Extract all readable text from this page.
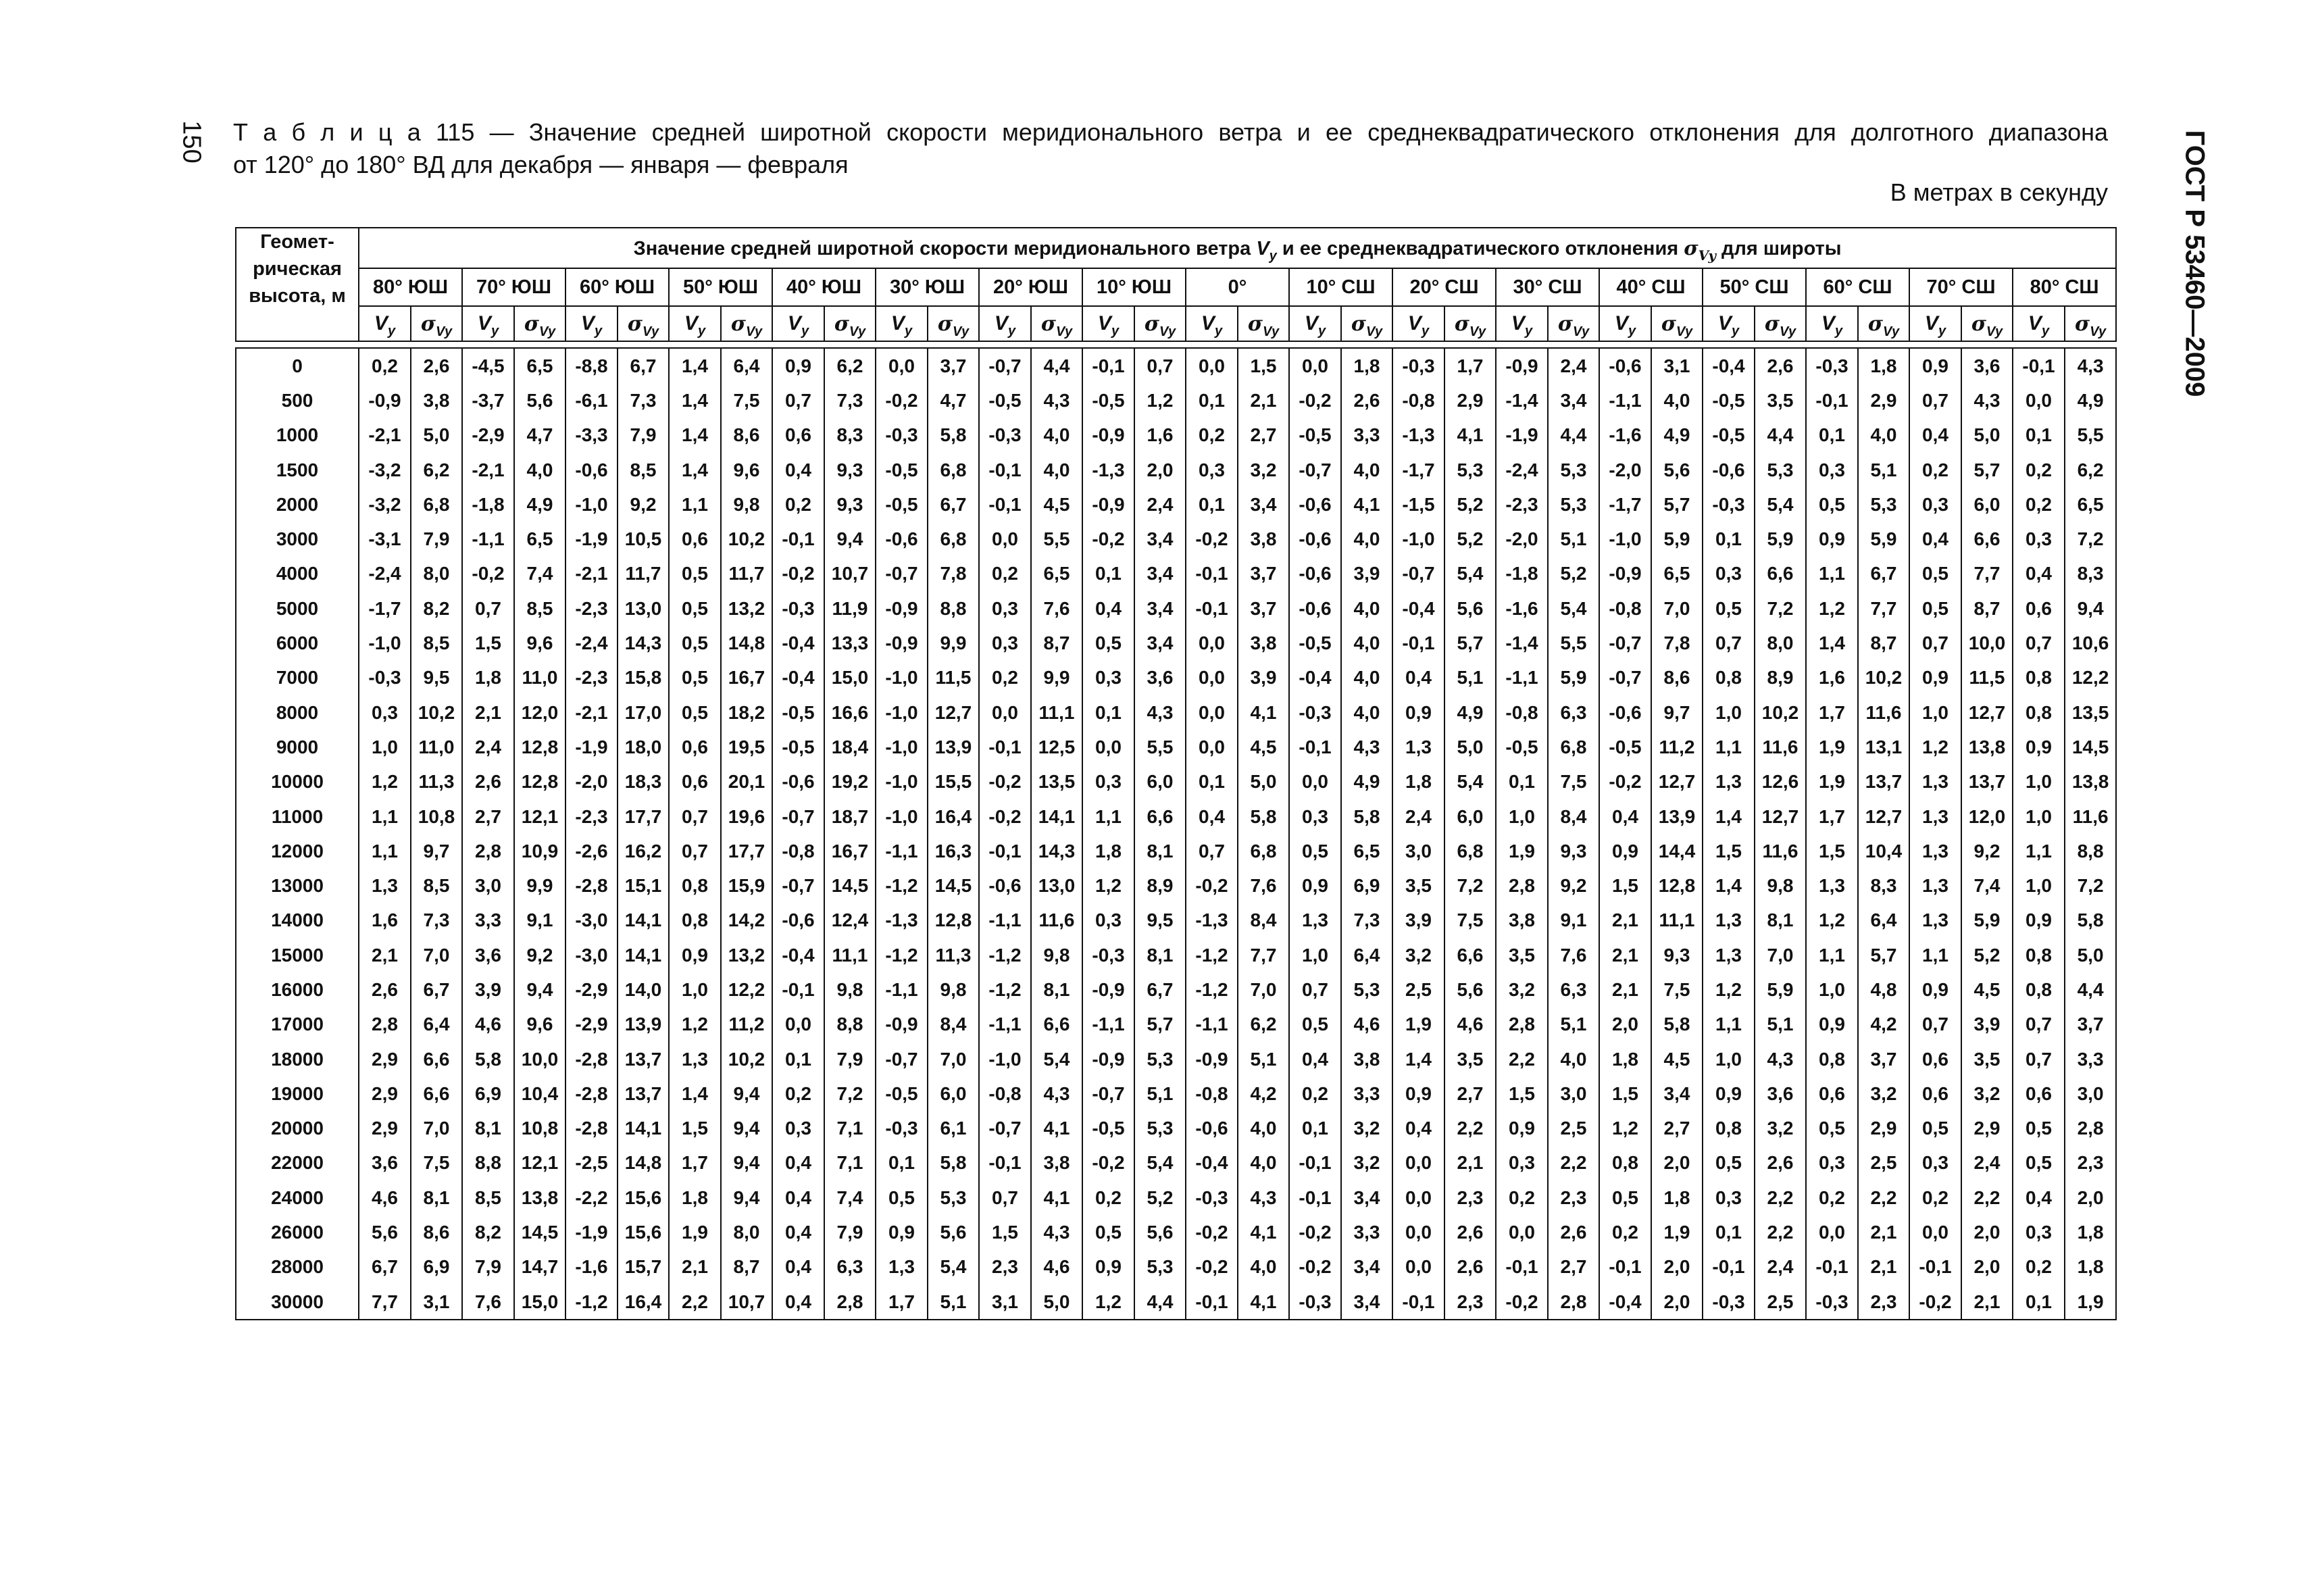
150	ГОСТ Р 53460—2009
Т а б л и ц а 115 — Значение средней широтной скорости меридионального ветра и ее среднеквадратического отклонения для долготного диапазона
от 120° до 180° ВД для декабря — января — февраля
В метрах в секунду
Геомет-
рическая
высота, м	Значение средней широтной скорости меридионального ветра $V_y$ и ее среднеквадратического отклонения $\sigma_{Vy}$ для широты																																	
	80° ЮШ		70° ЮШ		60° ЮШ		50° ЮШ		40° ЮШ		30° ЮШ		20° ЮШ		10° ЮШ		0°		10° СШ		20° СШ		30° СШ		40° СШ		50° СШ		60° СШ		70° СШ		80° СШ	
	$V_y$	$\sigma_{Vy}$	$V_y$	$\sigma_{Vy}$	$V_y$	$\sigma_{Vy}$	$V_y$	$\sigma_{Vy}$	$V_y$	$\sigma_{Vy}$	$V_y$	$\sigma_{Vy}$	$V_y$	$\sigma_{Vy}$	$V_y$	$\sigma_{Vy}$	$V_y$	$\sigma_{Vy}$	$V_y$	$\sigma_{Vy}$	$V_y$	$\sigma_{Vy}$	$V_y$	$\sigma_{Vy}$	$V_y$	$\sigma_{Vy}$	$V_y$	$\sigma_{Vy}$	$V_y$	$\sigma_{Vy}$	$V_y$	$\sigma_{Vy}$	$V_y$	$\sigma_{Vy}$

0	0,2	2,6	-4,5	6,5	-8,8	6,7	1,4	6,4	0,9	6,2	0,0	3,7	-0,7	4,4	-0,1	0,7	0,0	1,5	0,0	1,8	-0,3	1,7	-0,9	2,4	-0,6	3,1	-0,4	2,6	-0,3	1,8	0,9	3,6	-0,1	4,3
500	-0,9	3,8	-3,7	5,6	-6,1	7,3	1,4	7,5	0,7	7,3	-0,2	4,7	-0,5	4,3	-0,5	1,2	0,1	2,1	-0,2	2,6	-0,8	2,9	-1,4	3,4	-1,1	4,0	-0,5	3,5	-0,1	2,9	0,7	4,3	0,0	4,9
1000	-2,1	5,0	-2,9	4,7	-3,3	7,9	1,4	8,6	0,6	8,3	-0,3	5,8	-0,3	4,0	-0,9	1,6	0,2	2,7	-0,5	3,3	-1,3	4,1	-1,9	4,4	-1,6	4,9	-0,5	4,4	0,1	4,0	0,4	5,0	0,1	5,5
1500	-3,2	6,2	-2,1	4,0	-0,6	8,5	1,4	9,6	0,4	9,3	-0,5	6,8	-0,1	4,0	-1,3	2,0	0,3	3,2	-0,7	4,0	-1,7	5,3	-2,4	5,3	-2,0	5,6	-0,6	5,3	0,3	5,1	0,2	5,7	0,2	6,2
2000	-3,2	6,8	-1,8	4,9	-1,0	9,2	1,1	9,8	0,2	9,3	-0,5	6,7	-0,1	4,5	-0,9	2,4	0,1	3,4	-0,6	4,1	-1,5	5,2	-2,3	5,3	-1,7	5,7	-0,3	5,4	0,5	5,3	0,3	6,0	0,2	6,5
3000	-3,1	7,9	-1,1	6,5	-1,9	10,5	0,6	10,2	-0,1	9,4	-0,6	6,8	0,0	5,5	-0,2	3,4	-0,2	3,8	-0,6	4,0	-1,0	5,2	-2,0	5,1	-1,0	5,9	0,1	5,9	0,9	5,9	0,4	6,6	0,3	7,2
4000	-2,4	8,0	-0,2	7,4	-2,1	11,7	0,5	11,7	-0,2	10,7	-0,7	7,8	0,2	6,5	0,1	3,4	-0,1	3,7	-0,6	3,9	-0,7	5,4	-1,8	5,2	-0,9	6,5	0,3	6,6	1,1	6,7	0,5	7,7	0,4	8,3
5000	-1,7	8,2	0,7	8,5	-2,3	13,0	0,5	13,2	-0,3	11,9	-0,9	8,8	0,3	7,6	0,4	3,4	-0,1	3,7	-0,6	4,0	-0,4	5,6	-1,6	5,4	-0,8	7,0	0,5	7,2	1,2	7,7	0,5	8,7	0,6	9,4
6000	-1,0	8,5	1,5	9,6	-2,4	14,3	0,5	14,8	-0,4	13,3	-0,9	9,9	0,3	8,7	0,5	3,4	0,0	3,8	-0,5	4,0	-0,1	5,7	-1,4	5,5	-0,7	7,8	0,7	8,0	1,4	8,7	0,7	10,0	0,7	10,6
7000	-0,3	9,5	1,8	11,0	-2,3	15,8	0,5	16,7	-0,4	15,0	-1,0	11,5	0,2	9,9	0,3	3,6	0,0	3,9	-0,4	4,0	0,4	5,1	-1,1	5,9	-0,7	8,6	0,8	8,9	1,6	10,2	0,9	11,5	0,8	12,2
8000	0,3	10,2	2,1	12,0	-2,1	17,0	0,5	18,2	-0,5	16,6	-1,0	12,7	0,0	11,1	0,1	4,3	0,0	4,1	-0,3	4,0	0,9	4,9	-0,8	6,3	-0,6	9,7	1,0	10,2	1,7	11,6	1,0	12,7	0,8	13,5
9000	1,0	11,0	2,4	12,8	-1,9	18,0	0,6	19,5	-0,5	18,4	-1,0	13,9	-0,1	12,5	0,0	5,5	0,0	4,5	-0,1	4,3	1,3	5,0	-0,5	6,8	-0,5	11,2	1,1	11,6	1,9	13,1	1,2	13,8	0,9	14,5
10000	1,2	11,3	2,6	12,8	-2,0	18,3	0,6	20,1	-0,6	19,2	-1,0	15,5	-0,2	13,5	0,3	6,0	0,1	5,0	0,0	4,9	1,8	5,4	0,1	7,5	-0,2	12,7	1,3	12,6	1,9	13,7	1,3	13,7	1,0	13,8
11000	1,1	10,8	2,7	12,1	-2,3	17,7	0,7	19,6	-0,7	18,7	-1,0	16,4	-0,2	14,1	1,1	6,6	0,4	5,8	0,3	5,8	2,4	6,0	1,0	8,4	0,4	13,9	1,4	12,7	1,7	12,7	1,3	12,0	1,0	11,6
12000	1,1	9,7	2,8	10,9	-2,6	16,2	0,7	17,7	-0,8	16,7	-1,1	16,3	-0,1	14,3	1,8	8,1	0,7	6,8	0,5	6,5	3,0	6,8	1,9	9,3	0,9	14,4	1,5	11,6	1,5	10,4	1,3	9,2	1,1	8,8
13000	1,3	8,5	3,0	9,9	-2,8	15,1	0,8	15,9	-0,7	14,5	-1,2	14,5	-0,6	13,0	1,2	8,9	-0,2	7,6	0,9	6,9	3,5	7,2	2,8	9,2	1,5	12,8	1,4	9,8	1,3	8,3	1,3	7,4	1,0	7,2
14000	1,6	7,3	3,3	9,1	-3,0	14,1	0,8	14,2	-0,6	12,4	-1,3	12,8	-1,1	11,6	0,3	9,5	-1,3	8,4	1,3	7,3	3,9	7,5	3,8	9,1	2,1	11,1	1,3	8,1	1,2	6,4	1,3	5,9	0,9	5,8
15000	2,1	7,0	3,6	9,2	-3,0	14,1	0,9	13,2	-0,4	11,1	-1,2	11,3	-1,2	9,8	-0,3	8,1	-1,2	7,7	1,0	6,4	3,2	6,6	3,5	7,6	2,1	9,3	1,3	7,0	1,1	5,7	1,1	5,2	0,8	5,0
16000	2,6	6,7	3,9	9,4	-2,9	14,0	1,0	12,2	-0,1	9,8	-1,1	9,8	-1,2	8,1	-0,9	6,7	-1,2	7,0	0,7	5,3	2,5	5,6	3,2	6,3	2,1	7,5	1,2	5,9	1,0	4,8	0,9	4,5	0,8	4,4
17000	2,8	6,4	4,6	9,6	-2,9	13,9	1,2	11,2	0,0	8,8	-0,9	8,4	-1,1	6,6	-1,1	5,7	-1,1	6,2	0,5	4,6	1,9	4,6	2,8	5,1	2,0	5,8	1,1	5,1	0,9	4,2	0,7	3,9	0,7	3,7
18000	2,9	6,6	5,8	10,0	-2,8	13,7	1,3	10,2	0,1	7,9	-0,7	7,0	-1,0	5,4	-0,9	5,3	-0,9	5,1	0,4	3,8	1,4	3,5	2,2	4,0	1,8	4,5	1,0	4,3	0,8	3,7	0,6	3,5	0,7	3,3
19000	2,9	6,6	6,9	10,4	-2,8	13,7	1,4	9,4	0,2	7,2	-0,5	6,0	-0,8	4,3	-0,7	5,1	-0,8	4,2	0,2	3,3	0,9	2,7	1,5	3,0	1,5	3,4	0,9	3,6	0,6	3,2	0,6	3,2	0,6	3,0
20000	2,9	7,0	8,1	10,8	-2,8	14,1	1,5	9,4	0,3	7,1	-0,3	6,1	-0,7	4,1	-0,5	5,3	-0,6	4,0	0,1	3,2	0,4	2,2	0,9	2,5	1,2	2,7	0,8	3,2	0,5	2,9	0,5	2,9	0,5	2,8
22000	3,6	7,5	8,8	12,1	-2,5	14,8	1,7	9,4	0,4	7,1	0,1	5,8	-0,1	3,8	-0,2	5,4	-0,4	4,0	-0,1	3,2	0,0	2,1	0,3	2,2	0,8	2,0	0,5	2,6	0,3	2,5	0,3	2,4	0,5	2,3
24000	4,6	8,1	8,5	13,8	-2,2	15,6	1,8	9,4	0,4	7,4	0,5	5,3	0,7	4,1	0,2	5,2	-0,3	4,3	-0,1	3,4	0,0	2,3	0,2	2,3	0,5	1,8	0,3	2,2	0,2	2,2	0,2	2,2	0,4	2,0
26000	5,6	8,6	8,2	14,5	-1,9	15,6	1,9	8,0	0,4	7,9	0,9	5,6	1,5	4,3	0,5	5,6	-0,2	4,1	-0,2	3,3	0,0	2,6	0,0	2,6	0,2	1,9	0,1	2,2	0,0	2,1	0,0	2,0	0,3	1,8
28000	6,7	6,9	7,9	14,7	-1,6	15,7	2,1	8,7	0,4	6,3	1,3	5,4	2,3	4,6	0,9	5,3	-0,2	4,0	-0,2	3,4	0,0	2,6	-0,1	2,7	-0,1	2,0	-0,1	2,4	-0,1	2,1	-0,1	2,0	0,2	1,8
30000	7,7	3,1	7,6	15,0	-1,2	16,4	2,2	10,7	0,4	2,8	1,7	5,1	3,1	5,0	1,2	4,4	-0,1	4,1	-0,3	3,4	-0,1	2,3	-0,2	2,8	-0,4	2,0	-0,3	2,5	-0,3	2,3	-0,2	2,1	0,1	1,9
